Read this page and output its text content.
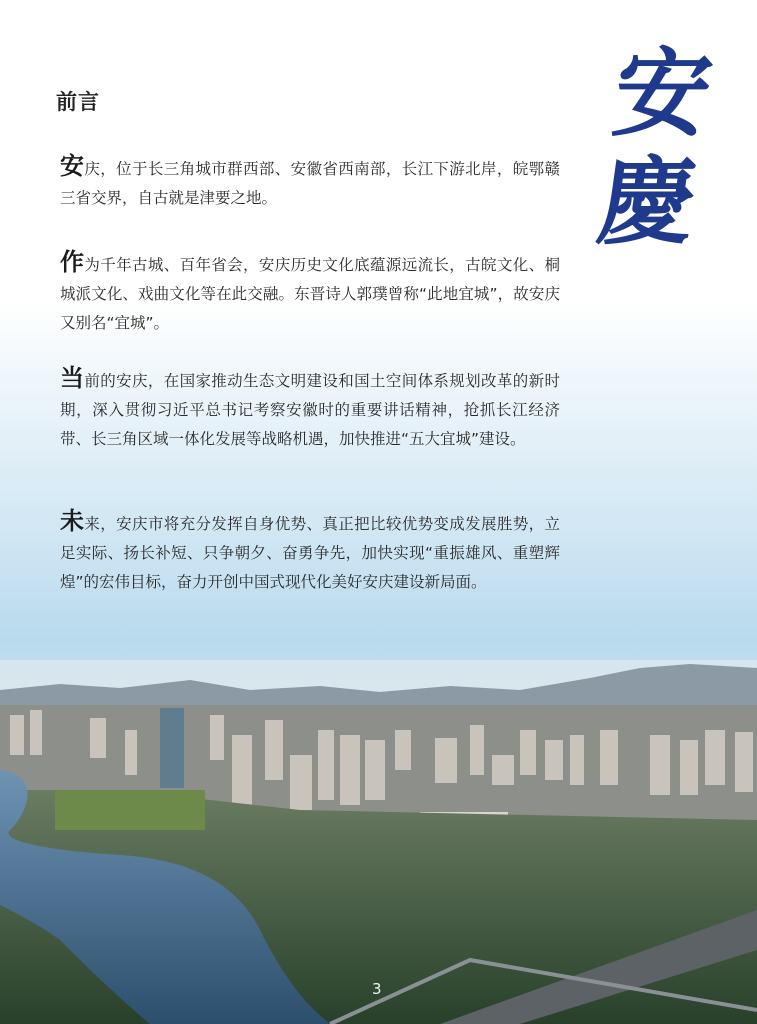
前言	安
慶

安庆，位于长三角城市群西部、安徽省西南部，长江下游北岸，皖鄂赣三省交界，自古就是津要之地。

作为千年古城、百年省会，安庆历史文化底蕴源远流长，古皖文化、桐城派文化、戏曲文化等在此交融。东晋诗人郭璞曾称“此地宜城”，故安庆又别名“宜城”。

当前的安庆，在国家推动生态文明建设和国土空间体系规划改革的新时期，深入贯彻习近平总书记考察安徽时的重要讲话精神，抢抓长江经济带、长三角区域一体化发展等战略机遇，加快推进“五大宜城”建设。

未来，安庆市将充分发挥自身优势、真正把比较优势变成发展胜势，立足实际、扬长补短、只争朝夕、奋勇争先，加快实现“重振雄风、重塑辉煌”的宏伟目标，奋力开创中国式现代化美好安庆建设新局面。

3
